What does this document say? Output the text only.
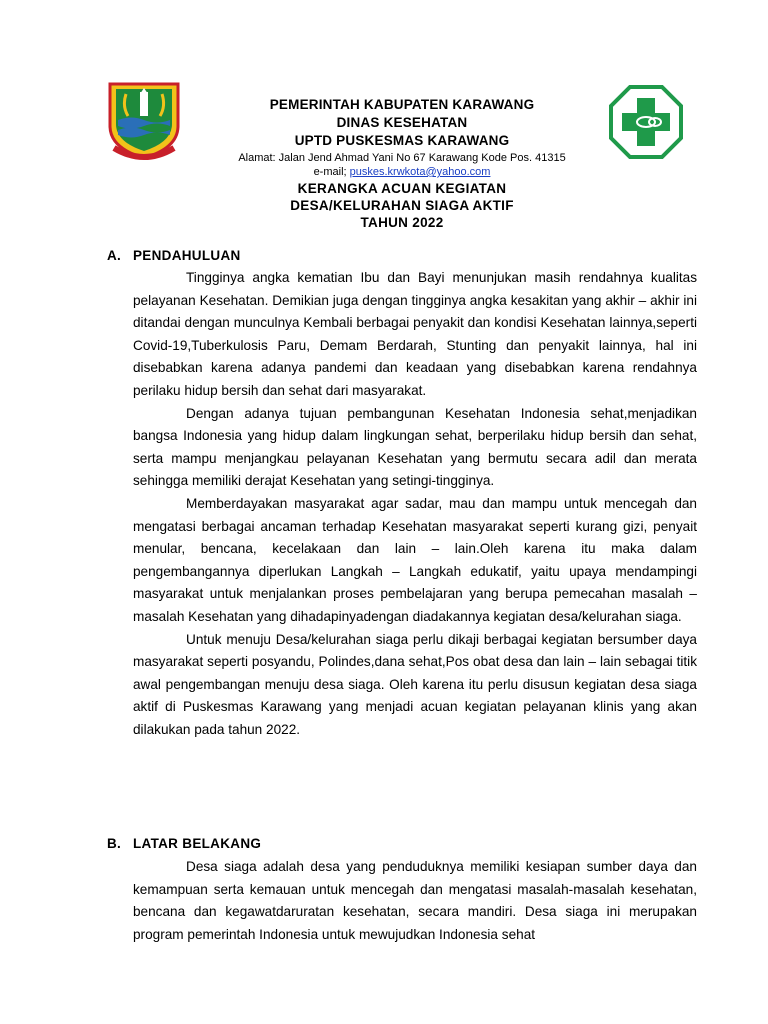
PEMERINTAH KABUPATEN KARAWANG
DINAS KESEHATAN
UPTD PUSKESMAS KARAWANG
Alamat: Jalan Jend Ahmad Yani No 67 Karawang Kode Pos. 41315
e-mail; puskes.krwkota@yahoo.com
KERANGKA ACUAN KEGIATAN
DESA/KELURAHAN SIAGA AKTIF
TAHUN 2022
A. PENDAHULUAN

Tingginya angka kematian Ibu dan Bayi menunjukan masih rendahnya kualitas pelayanan Kesehatan. Demikian juga dengan tingginya angka kesakitan yang akhir – akhir ini ditandai dengan munculnya Kembali berbagai penyakit dan kondisi Kesehatan lainnya,seperti Covid-19,Tuberkulosis Paru, Demam Berdarah, Stunting dan penyakit lainnya, hal ini disebabkan karena adanya pandemi dan keadaan yang disebabkan karena rendahnya perilaku hidup bersih dan sehat dari masyarakat.

Dengan adanya tujuan pembangunan Kesehatan Indonesia sehat,menjadikan bangsa Indonesia yang hidup dalam lingkungan sehat, berperilaku hidup bersih dan sehat, serta mampu menjangkau pelayanan Kesehatan yang bermutu secara adil dan merata sehingga memiliki derajat Kesehatan yang setingi-tingginya.

Memberdayakan masyarakat agar sadar, mau dan mampu untuk mencegah dan mengatasi berbagai ancaman terhadap Kesehatan masyarakat seperti kurang gizi, penyait menular, bencana, kecelakaan dan lain – lain.Oleh karena itu maka dalam pengembangannya diperlukan Langkah – Langkah edukatif, yaitu upaya mendampingi masyarakat untuk menjalankan proses pembelajaran yang berupa pemecahan masalah – masalah Kesehatan yang dihadapinyadengan diadakannya kegiatan desa/kelurahan siaga.

Untuk menuju Desa/kelurahan siaga perlu dikaji berbagai kegiatan bersumber daya masyarakat seperti posyandu, Polindes,dana sehat,Pos obat desa dan lain – lain sebagai titik awal pengembangan menuju desa siaga. Oleh karena itu perlu disusun kegiatan desa siaga aktif di Puskesmas Karawang yang menjadi acuan kegiatan pelayanan klinis yang akan dilakukan pada tahun 2022.

B. LATAR BELAKANG

Desa siaga adalah desa yang penduduknya memiliki kesiapan sumber daya dan kemampuan serta kemauan untuk mencegah dan mengatasi masalah-masalah kesehatan, bencana dan kegawatdaruratan kesehatan, secara mandiri. Desa siaga ini merupakan program pemerintah Indonesia untuk mewujudkan Indonesia sehat
